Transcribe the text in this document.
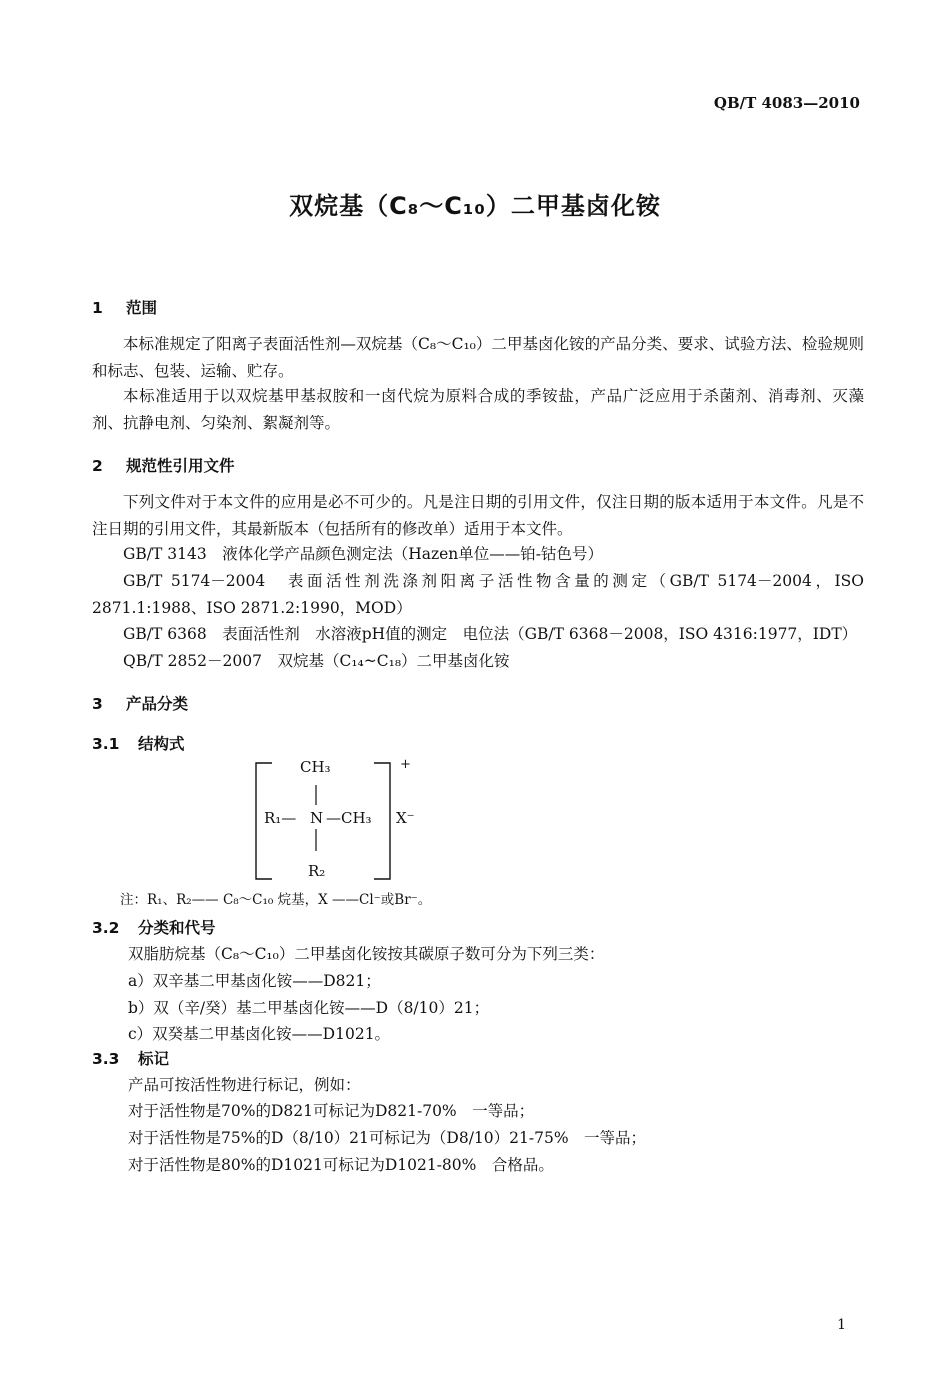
QB/T 4083—2010
双烷基（C₈～C₁₀）二甲基卤化铵
1 范围

本标准规定了阳离子表面活性剂—双烷基（C₈～C₁₀）二甲基卤化铵的产品分类、要求、试验方法、检验规则和标志、包装、运输、贮存。

本标准适用于以双烷基甲基叔胺和一卤代烷为原料合成的季铵盐，产品广泛应用于杀菌剂、消毒剂、灭藻剂、抗静电剂、匀染剂、絮凝剂等。

2 规范性引用文件

下列文件对于本文件的应用是必不可少的。凡是注日期的引用文件，仅注日期的版本适用于本文件。凡是不注日期的引用文件，其最新版本（包括所有的修改单）适用于本文件。

GB/T 3143　液体化学产品颜色测定法（Hazen单位——铂-钴色号）

GB/T 5174－2004　表面活性剂洗涤剂阳离子活性物含量的测定（GB/T 5174－2004，ISO 2871.1:1988、ISO 2871.2:1990，MOD）

GB/T 6368　表面活性剂　水溶液pH值的测定　电位法（GB/T 6368－2008，ISO 4316:1977，IDT）

QB/T 2852－2007　双烷基（C₁₄~C₁₈）二甲基卤化铵

3 产品分类
3.1 结构式
CH₃
R₁— N —CH₃
R₂
+
X⁻
注：R₁、R₂—— C₈～C₁₀ 烷基，X ——Cl⁻或Br⁻。
3.2 分类和代号
双脂肪烷基（C₈～C₁₀）二甲基卤化铵按其碳原子数可分为下列三类：
a）双辛基二甲基卤化铵——D821；
b）双（辛/癸）基二甲基卤化铵——D（8/10）21；
c）双癸基二甲基卤化铵——D1021。
3.3 标记
产品可按活性物进行标记，例如：
对于活性物是70%的D821可标记为D821-70%　一等品；
对于活性物是75%的D（8/10）21可标记为（D8/10）21-75%　一等品；
对于活性物是80%的D1021可标记为D1021-80%　合格品。
1
